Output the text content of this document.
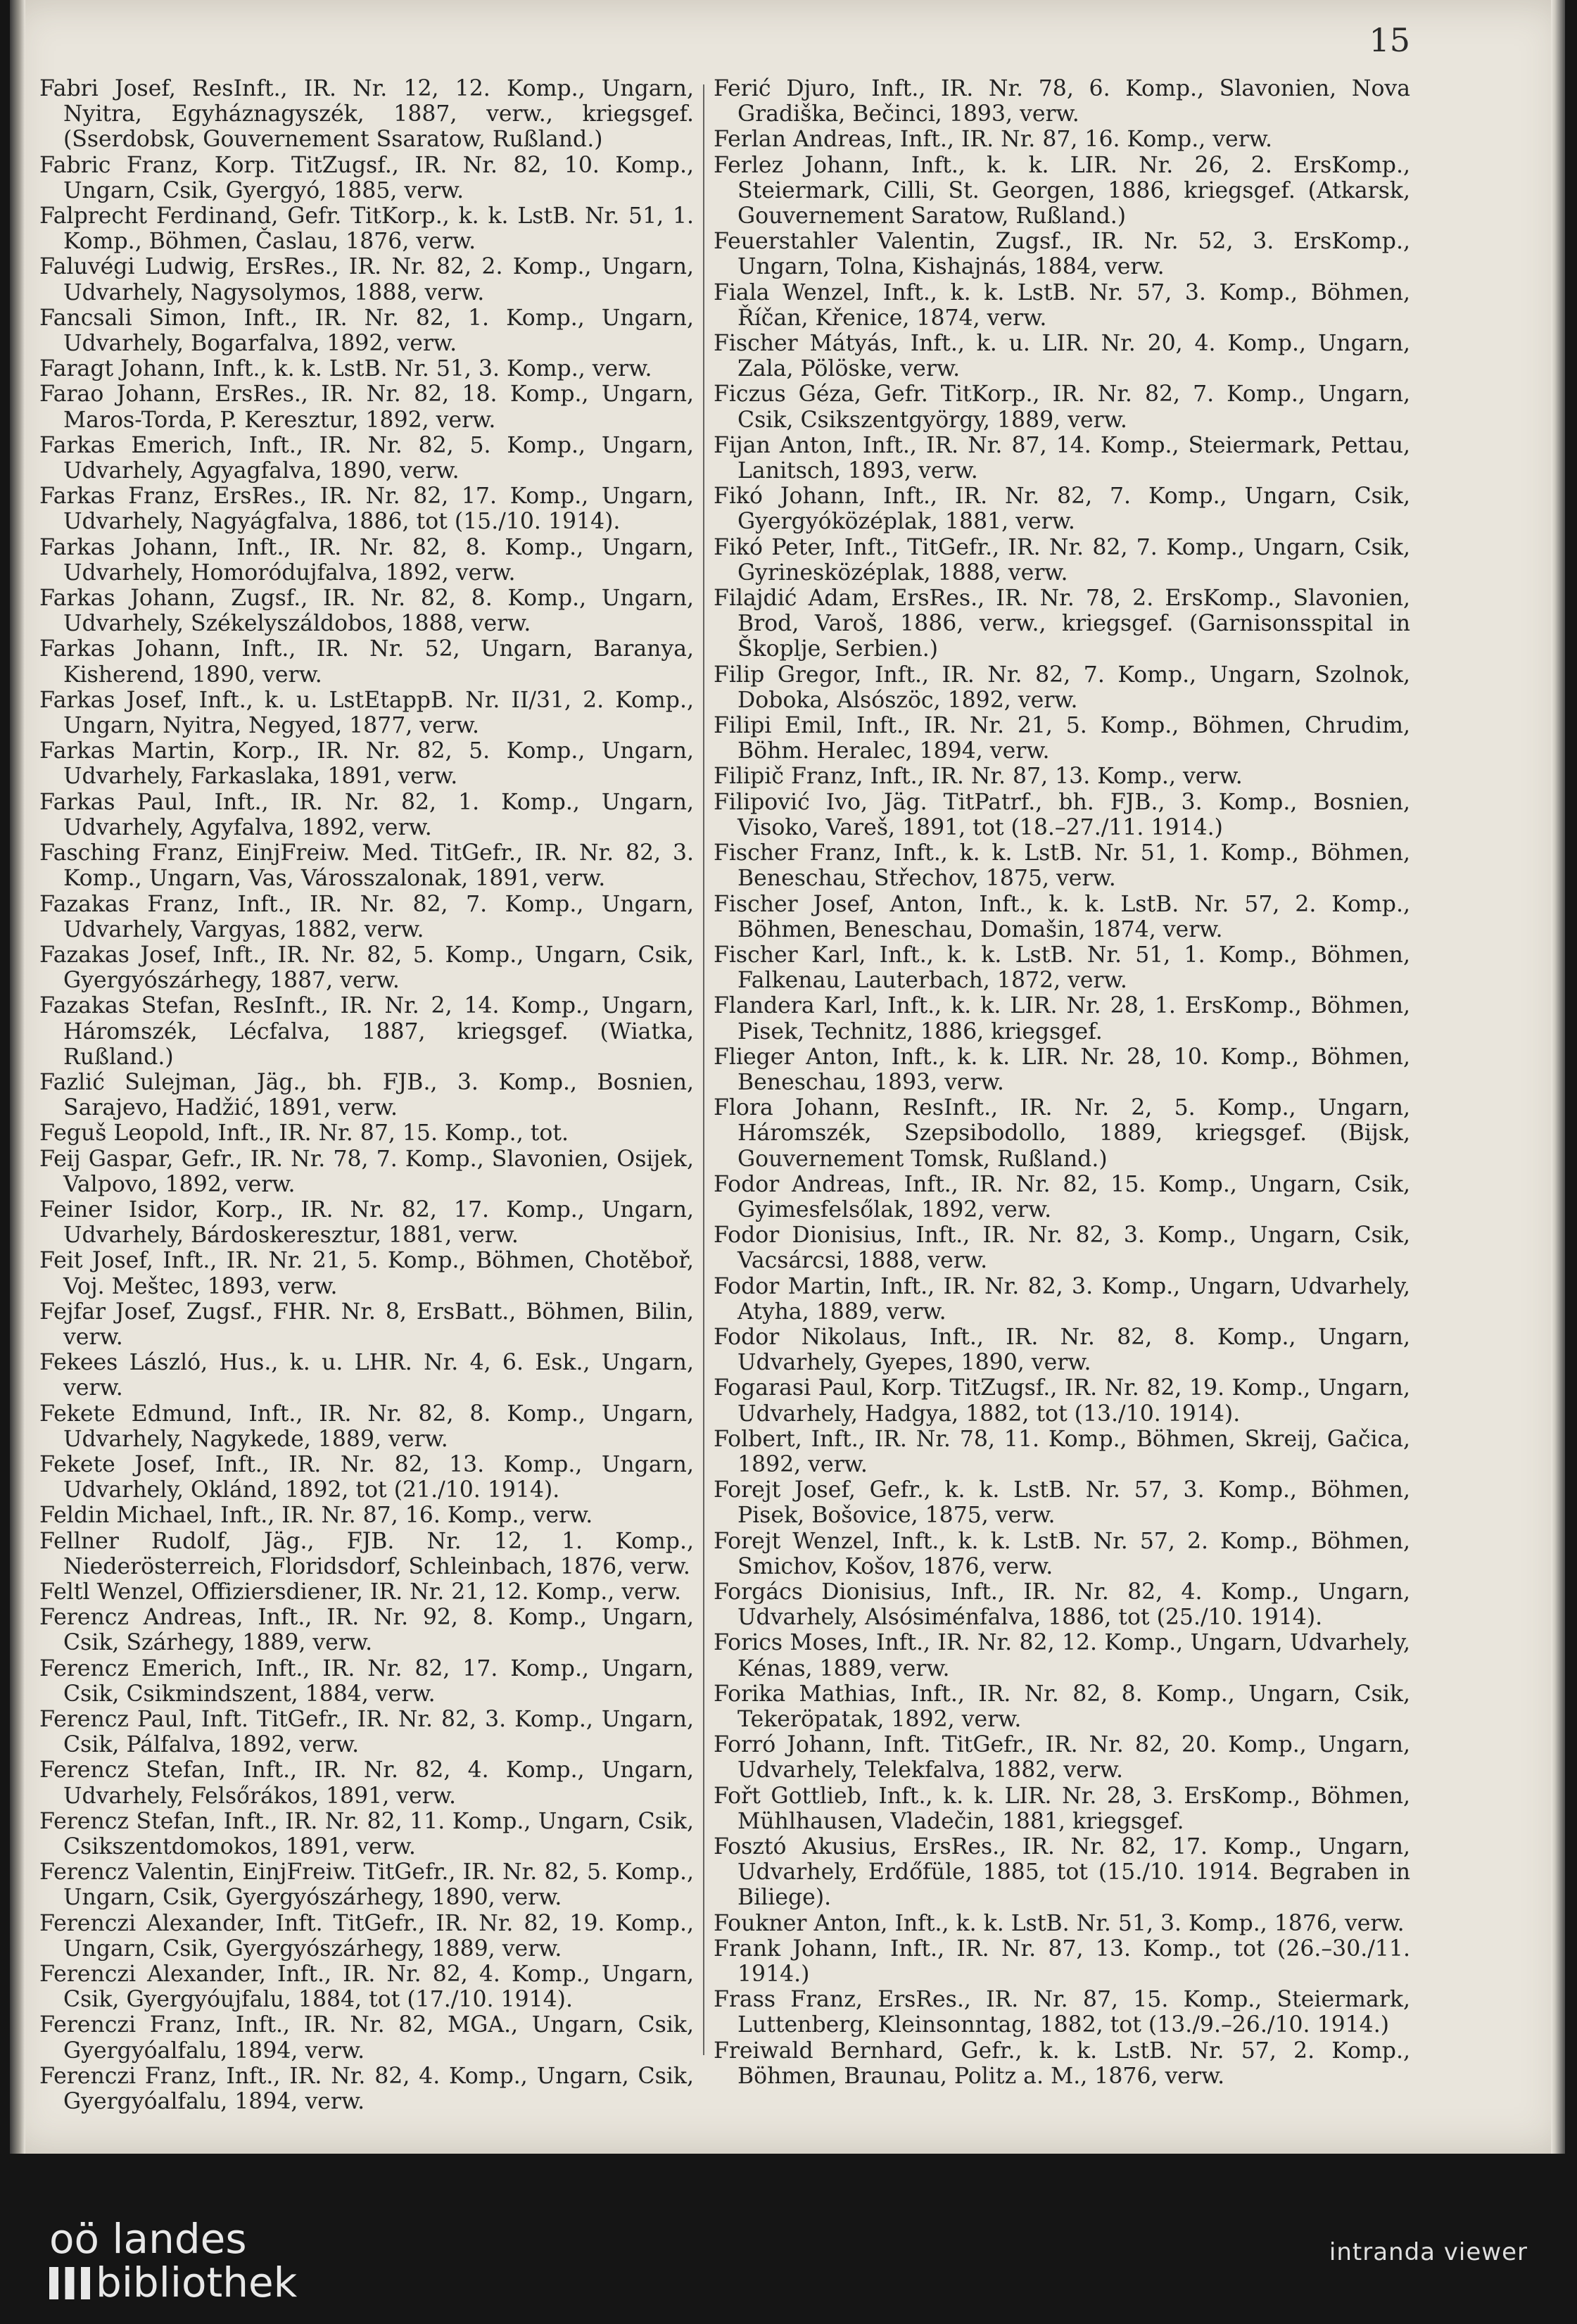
15

Fabri Josef, ResInft., IR. Nr. 12, 12. Komp., Ungarn, Nyitra, Egyháznagyszék, 1887, verw., kriegsgef. (Sserdobsk, Gouvernement Ssaratow, Rußland.)

Fabric Franz, Korp. TitZugsf., IR. Nr. 82, 10. Komp., Ungarn, Csik, Gyergyó, 1885, verw.

Falprecht Ferdinand, Gefr. TitKorp., k. k. LstB. Nr. 51, 1. Komp., Böhmen, Časlau, 1876, verw.

Faluvégi Ludwig, ErsRes., IR. Nr. 82, 2. Komp., Ungarn, Udvarhely, Nagysolymos, 1888, verw.

Fancsali Simon, Inft., IR. Nr. 82, 1. Komp., Ungarn, Udvarhely, Bogarfalva, 1892, verw.

Faragt Johann, Inft., k. k. LstB. Nr. 51, 3. Komp., verw.

Farao Johann, ErsRes., IR. Nr. 82, 18. Komp., Ungarn, Maros-Torda, P. Keresztur, 1892, verw.

Farkas Emerich, Inft., IR. Nr. 82, 5. Komp., Ungarn, Udvarhely, Agyagfalva, 1890, verw.

Farkas Franz, ErsRes., IR. Nr. 82, 17. Komp., Ungarn, Udvarhely, Nagyágfalva, 1886, tot (15./10. 1914).

Farkas Johann, Inft., IR. Nr. 82, 8. Komp., Ungarn, Udvarhely, Homoródujfalva, 1892, verw.

Farkas Johann, Zugsf., IR. Nr. 82, 8. Komp., Ungarn, Udvarhely, Székelyszáldobos, 1888, verw.

Farkas Johann, Inft., IR. Nr. 52, Ungarn, Baranya, Kisherend, 1890, verw.

Farkas Josef, Inft., k. u. LstEtappB. Nr. II/31, 2. Komp., Ungarn, Nyitra, Negyed, 1877, verw.

Farkas Martin, Korp., IR. Nr. 82, 5. Komp., Ungarn, Udvarhely, Farkaslaka, 1891, verw.

Farkas Paul, Inft., IR. Nr. 82, 1. Komp., Ungarn, Udvarhely, Agyfalva, 1892, verw.

Fasching Franz, EinjFreiw. Med. TitGefr., IR. Nr. 82, 3. Komp., Ungarn, Vas, Városszalonak, 1891, verw.

Fazakas Franz, Inft., IR. Nr. 82, 7. Komp., Ungarn, Udvarhely, Vargyas, 1882, verw.

Fazakas Josef, Inft., IR. Nr. 82, 5. Komp., Ungarn, Csik, Gyergyószárhegy, 1887, verw.

Fazakas Stefan, ResInft., IR. Nr. 2, 14. Komp., Ungarn, Háromszék, Lécfalva, 1887, kriegsgef. (Wiatka, Rußland.)

Fazlić Sulejman, Jäg., bh. FJB., 3. Komp., Bosnien, Sarajevo, Hadžić, 1891, verw.

Feguš Leopold, Inft., IR. Nr. 87, 15. Komp., tot.

Feij Gaspar, Gefr., IR. Nr. 78, 7. Komp., Slavonien, Osijek, Valpovo, 1892, verw.

Feiner Isidor, Korp., IR. Nr. 82, 17. Komp., Ungarn, Udvarhely, Bárdoskeresztur, 1881, verw.

Feit Josef, Inft., IR. Nr. 21, 5. Komp., Böhmen, Chotěboř, Voj. Meštec, 1893, verw.

Fejfar Josef, Zugsf., FHR. Nr. 8, ErsBatt., Böhmen, Bilin, verw.

Fekees László, Hus., k. u. LHR. Nr. 4, 6. Esk., Ungarn, verw.

Fekete Edmund, Inft., IR. Nr. 82, 8. Komp., Ungarn, Udvarhely, Nagykede, 1889, verw.

Fekete Josef, Inft., IR. Nr. 82, 13. Komp., Ungarn, Udvarhely, Oklánd, 1892, tot (21./10. 1914).

Feldin Michael, Inft., IR. Nr. 87, 16. Komp., verw.

Fellner Rudolf, Jäg., FJB. Nr. 12, 1. Komp., Niederösterreich, Floridsdorf, Schleinbach, 1876, verw.

Feltl Wenzel, Offiziersdiener, IR. Nr. 21, 12. Komp., verw.

Ferencz Andreas, Inft., IR. Nr. 92, 8. Komp., Ungarn, Csik, Szárhegy, 1889, verw.

Ferencz Emerich, Inft., IR. Nr. 82, 17. Komp., Ungarn, Csik, Csikmindszent, 1884, verw.

Ferencz Paul, Inft. TitGefr., IR. Nr. 82, 3. Komp., Ungarn, Csik, Pálfalva, 1892, verw.

Ferencz Stefan, Inft., IR. Nr. 82, 4. Komp., Ungarn, Udvarhely, Felsőrákos, 1891, verw.

Ferencz Stefan, Inft., IR. Nr. 82, 11. Komp., Ungarn, Csik, Csikszentdomokos, 1891, verw.

Ferencz Valentin, EinjFreiw. TitGefr., IR. Nr. 82, 5. Komp., Ungarn, Csik, Gyergyószárhegy, 1890, verw.

Ferenczi Alexander, Inft. TitGefr., IR. Nr. 82, 19. Komp., Ungarn, Csik, Gyergyószárhegy, 1889, verw.

Ferenczi Alexander, Inft., IR. Nr. 82, 4. Komp., Ungarn, Csik, Gyergyóujfalu, 1884, tot (17./10. 1914).

Ferenczi Franz, Inft., IR. Nr. 82, MGA., Ungarn, Csik, Gyergyóalfalu, 1894, verw.

Ferenczi Franz, Inft., IR. Nr. 82, 4. Komp., Ungarn, Csik, Gyergyóalfalu, 1894, verw.

Ferić Djuro, Inft., IR. Nr. 78, 6. Komp., Slavonien, Nova Gradiška, Bečinci, 1893, verw.

Ferlan Andreas, Inft., IR. Nr. 87, 16. Komp., verw.

Ferlez Johann, Inft., k. k. LIR. Nr. 26, 2. ErsKomp., Steiermark, Cilli, St. Georgen, 1886, kriegsgef. (Atkarsk, Gouvernement Saratow, Rußland.)

Feuerstahler Valentin, Zugsf., IR. Nr. 52, 3. ErsKomp., Ungarn, Tolna, Kishajnás, 1884, verw.

Fiala Wenzel, Inft., k. k. LstB. Nr. 57, 3. Komp., Böhmen, Říčan, Křenice, 1874, verw.

Fischer Mátyás, Inft., k. u. LIR. Nr. 20, 4. Komp., Ungarn, Zala, Pölöske, verw.

Ficzus Géza, Gefr. TitKorp., IR. Nr. 82, 7. Komp., Ungarn, Csik, Csikszentgyörgy, 1889, verw.

Fijan Anton, Inft., IR. Nr. 87, 14. Komp., Steiermark, Pettau, Lanitsch, 1893, verw.

Fikó Johann, Inft., IR. Nr. 82, 7. Komp., Ungarn, Csik, Gyergyóközéplak, 1881, verw.

Fikó Peter, Inft., TitGefr., IR. Nr. 82, 7. Komp., Ungarn, Csik, Gyrinesközéplak, 1888, verw.

Filajdić Adam, ErsRes., IR. Nr. 78, 2. ErsKomp., Slavonien, Brod, Varoš, 1886, verw., kriegsgef. (Garnisonsspital in Škoplje, Serbien.)

Filip Gregor, Inft., IR. Nr. 82, 7. Komp., Ungarn, Szolnok, Doboka, Alsószöc, 1892, verw.

Filipi Emil, Inft., IR. Nr. 21, 5. Komp., Böhmen, Chrudim, Böhm. Heralec, 1894, verw.

Filipič Franz, Inft., IR. Nr. 87, 13. Komp., verw.

Filipović Ivo, Jäg. TitPatrf., bh. FJB., 3. Komp., Bosnien, Visoko, Vareš, 1891, tot (18.–27./11. 1914.)

Fischer Franz, Inft., k. k. LstB. Nr. 51, 1. Komp., Böhmen, Beneschau, Střechov, 1875, verw.

Fischer Josef, Anton, Inft., k. k. LstB. Nr. 57, 2. Komp., Böhmen, Beneschau, Domašin, 1874, verw.

Fischer Karl, Inft., k. k. LstB. Nr. 51, 1. Komp., Böhmen, Falkenau, Lauterbach, 1872, verw.

Flandera Karl, Inft., k. k. LIR. Nr. 28, 1. ErsKomp., Böhmen, Pisek, Technitz, 1886, kriegsgef.

Flieger Anton, Inft., k. k. LIR. Nr. 28, 10. Komp., Böhmen, Beneschau, 1893, verw.

Flora Johann, ResInft., IR. Nr. 2, 5. Komp., Ungarn, Háromszék, Szepsibodollo, 1889, kriegsgef. (Bijsk, Gouvernement Tomsk, Rußland.)

Fodor Andreas, Inft., IR. Nr. 82, 15. Komp., Ungarn, Csik, Gyimesfelsőlak, 1892, verw.

Fodor Dionisius, Inft., IR. Nr. 82, 3. Komp., Ungarn, Csik, Vacsárcsi, 1888, verw.

Fodor Martin, Inft., IR. Nr. 82, 3. Komp., Ungarn, Udvarhely, Atyha, 1889, verw.

Fodor Nikolaus, Inft., IR. Nr. 82, 8. Komp., Ungarn, Udvarhely, Gyepes, 1890, verw.

Fogarasi Paul, Korp. TitZugsf., IR. Nr. 82, 19. Komp., Ungarn, Udvarhely, Hadgya, 1882, tot (13./10. 1914).

Folbert, Inft., IR. Nr. 78, 11. Komp., Böhmen, Skreij, Gačica, 1892, verw.

Forejt Josef, Gefr., k. k. LstB. Nr. 57, 3. Komp., Böhmen, Pisek, Bošovice, 1875, verw.

Forejt Wenzel, Inft., k. k. LstB. Nr. 57, 2. Komp., Böhmen, Smichov, Košov, 1876, verw.

Forgács Dionisius, Inft., IR. Nr. 82, 4. Komp., Ungarn, Udvarhely, Alsósiménfalva, 1886, tot (25./10. 1914).

Forics Moses, Inft., IR. Nr. 82, 12. Komp., Ungarn, Udvarhely, Kénas, 1889, verw.

Forika Mathias, Inft., IR. Nr. 82, 8. Komp., Ungarn, Csik, Tekeröpatak, 1892, verw.

Forró Johann, Inft. TitGefr., IR. Nr. 82, 20. Komp., Ungarn, Udvarhely, Telekfalva, 1882, verw.

Fořt Gottlieb, Inft., k. k. LIR. Nr. 28, 3. ErsKomp., Böhmen, Mühlhausen, Vladečin, 1881, kriegsgef.

Fosztó Akusius, ErsRes., IR. Nr. 82, 17. Komp., Ungarn, Udvarhely, Erdőfüle, 1885, tot (15./10. 1914. Begraben in Biliege).

Foukner Anton, Inft., k. k. LstB. Nr. 51, 3. Komp., 1876, verw.

Frank Johann, Inft., IR. Nr. 87, 13. Komp., tot (26.–30./11. 1914.)

Frass Franz, ErsRes., IR. Nr. 87, 15. Komp., Steiermark, Luttenberg, Kleinsonntag, 1882, tot (13./9.–26./10. 1914.)

Freiwald Bernhard, Gefr., k. k. LstB. Nr. 57, 2. Komp., Böhmen, Braunau, Politz a. M., 1876, verw.

oö landes
bibliothek
intranda viewer
